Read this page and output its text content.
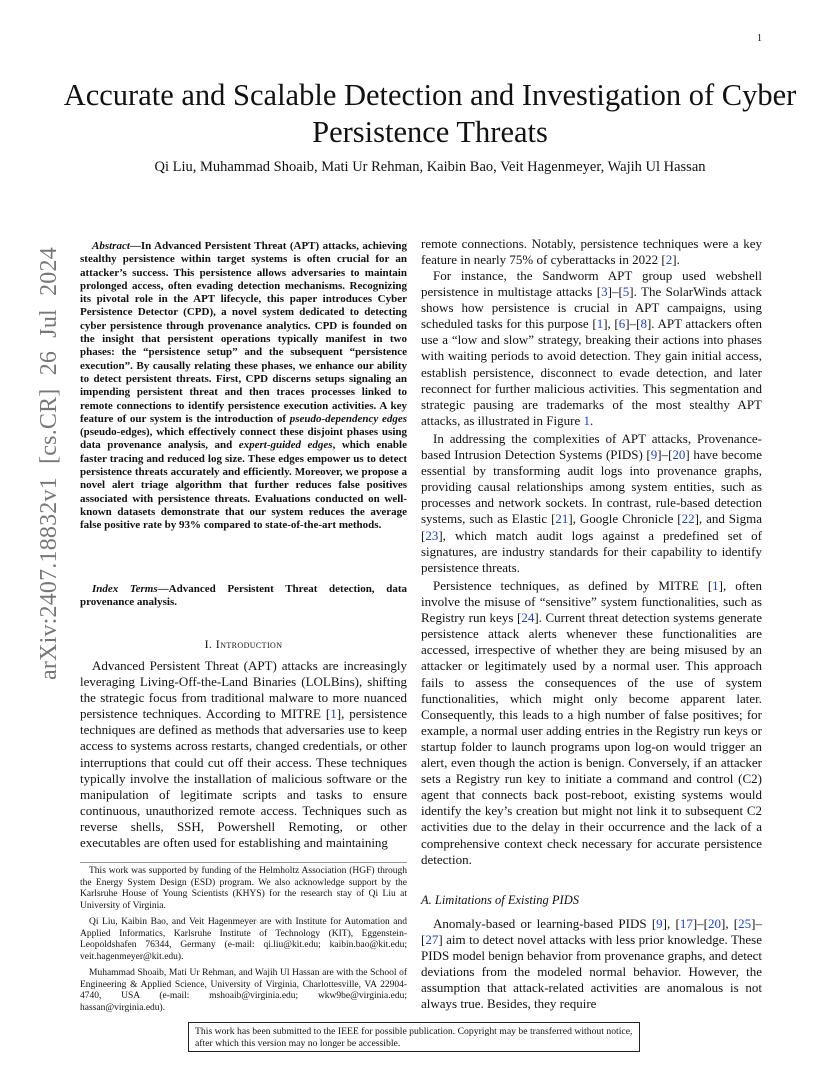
1
arXiv:2407.18832v1 [cs.CR] 26 Jul 2024
Accurate and Scalable Detection and Investigation of Cyber Persistence Threats
Qi Liu, Muhammad Shoaib, Mati Ur Rehman, Kaibin Bao, Veit Hagenmeyer, Wajih Ul Hassan

Abstract—In Advanced Persistent Threat (APT) attacks, achieving stealthy persistence within target systems is often crucial for an attacker’s success. This persistence allows adversaries to maintain prolonged access, often evading detection mechanisms. Recognizing its pivotal role in the APT lifecycle, this paper introduces Cyber Persistence Detector (CPD), a novel system dedicated to detecting cyber persistence through provenance analytics. CPD is founded on the insight that persistent operations typically manifest in two phases: the “persistence setup” and the subsequent “persistence execution”. By causally relating these phases, we enhance our ability to detect persistent threats. First, CPD discerns setups signaling an impending persistent threat and then traces processes linked to remote connections to identify persistence execution activities. A key feature of our system is the introduction of pseudo-dependency edges (pseudo-edges), which effectively connect these disjoint phases using data provenance analysis, and expert-guided edges, which enable faster tracing and reduced log size. These edges empower us to detect persistence threats accurately and efficiently. Moreover, we propose a novel alert triage algorithm that further reduces false positives associated with persistence threats. Evaluations conducted on well-known datasets demonstrate that our system reduces the average false positive rate by 93% compared to state-of-the-art methods.

Index Terms—Advanced Persistent Threat detection, data provenance analysis.

I. Introduction

Advanced Persistent Threat (APT) attacks are increasingly leveraging Living-Off-the-Land Binaries (LOLBins), shifting the strategic focus from traditional malware to more nuanced persistence techniques. According to MITRE [1], persistence techniques are defined as methods that adversaries use to keep access to systems across restarts, changed credentials, or other interruptions that could cut off their access. These techniques typically involve the installation of malicious software or the manipulation of legitimate scripts and tasks to ensure continuous, unauthorized remote access. Techniques such as reverse shells, SSH, Powershell Remoting, or other executables are often used for establishing and maintaining

This work was supported by funding of the Helmholtz Association (HGF) through the Energy System Design (ESD) program. We also acknowledge support by the Karlsruhe House of Young Scientists (KHYS) for the research stay of Qi Liu at University of Virginia.

Qi Liu, Kaibin Bao, and Veit Hagenmeyer are with Institute for Automation and Applied Informatics, Karlsruhe Institute of Technology (KIT), Eggenstein-Leopoldshafen 76344, Germany (e-mail: qi.liu@kit.edu; kaibin.bao@kit.edu; veit.hagenmeyer@kit.edu).

Muhammad Shoaib, Mati Ur Rehman, and Wajih Ul Hassan are with the School of Engineering & Applied Science, University of Virginia, Charlottesville, VA 22904-4740, USA (e-mail: mshoaib@virginia.edu; wkw9be@virginia.edu; hassan@virginia.edu).

remote connections. Notably, persistence techniques were a key feature in nearly 75% of cyberattacks in 2022 [2].

For instance, the Sandworm APT group used webshell persistence in multistage attacks [3]–[5]. The SolarWinds attack shows how persistence is crucial in APT campaigns, using scheduled tasks for this purpose [1], [6]–[8]. APT attackers often use a “low and slow” strategy, breaking their actions into phases with waiting periods to avoid detection. They gain initial access, establish persistence, disconnect to evade detection, and later reconnect for further malicious activities. This segmentation and strategic pausing are trademarks of the most stealthy APT attacks, as illustrated in Figure 1.

In addressing the complexities of APT attacks, Provenance-based Intrusion Detection Systems (PIDS) [9]–[20] have become essential by transforming audit logs into provenance graphs, providing causal relationships among system entities, such as processes and network sockets. In contrast, rule-based detection systems, such as Elastic [21], Google Chronicle [22], and Sigma [23], which match audit logs against a predefined set of signatures, are industry standards for their capability to identify persistence threats.

Persistence techniques, as defined by MITRE [1], often involve the misuse of “sensitive” system functionalities, such as Registry run keys [24]. Current threat detection systems generate persistence attack alerts whenever these functionalities are accessed, irrespective of whether they are being misused by an attacker or legitimately used by a normal user. This approach fails to assess the consequences of the use of system functionalities, which might only become apparent later. Consequently, this leads to a high number of false positives; for example, a normal user adding entries in the Registry run keys or startup folder to launch programs upon log-on would trigger an alert, even though the action is benign. Conversely, if an attacker sets a Registry run key to initiate a command and control (C2) agent that connects back post-reboot, existing systems would identify the key’s creation but might not link it to subsequent C2 activities due to the delay in their occurrence and the lack of a comprehensive context check necessary for accurate persistence detection.

A. Limitations of Existing PIDS

Anomaly-based or learning-based PIDS [9], [17]–[20], [25]–[27] aim to detect novel attacks with less prior knowledge. These PIDS model benign behavior from provenance graphs, and detect deviations from the modeled normal behavior. However, the assumption that attack-related activities are anomalous is not always true. Besides, they require

This work has been submitted to the IEEE for possible publication. Copyright may be transferred without notice, after which this version may no longer be accessible.
